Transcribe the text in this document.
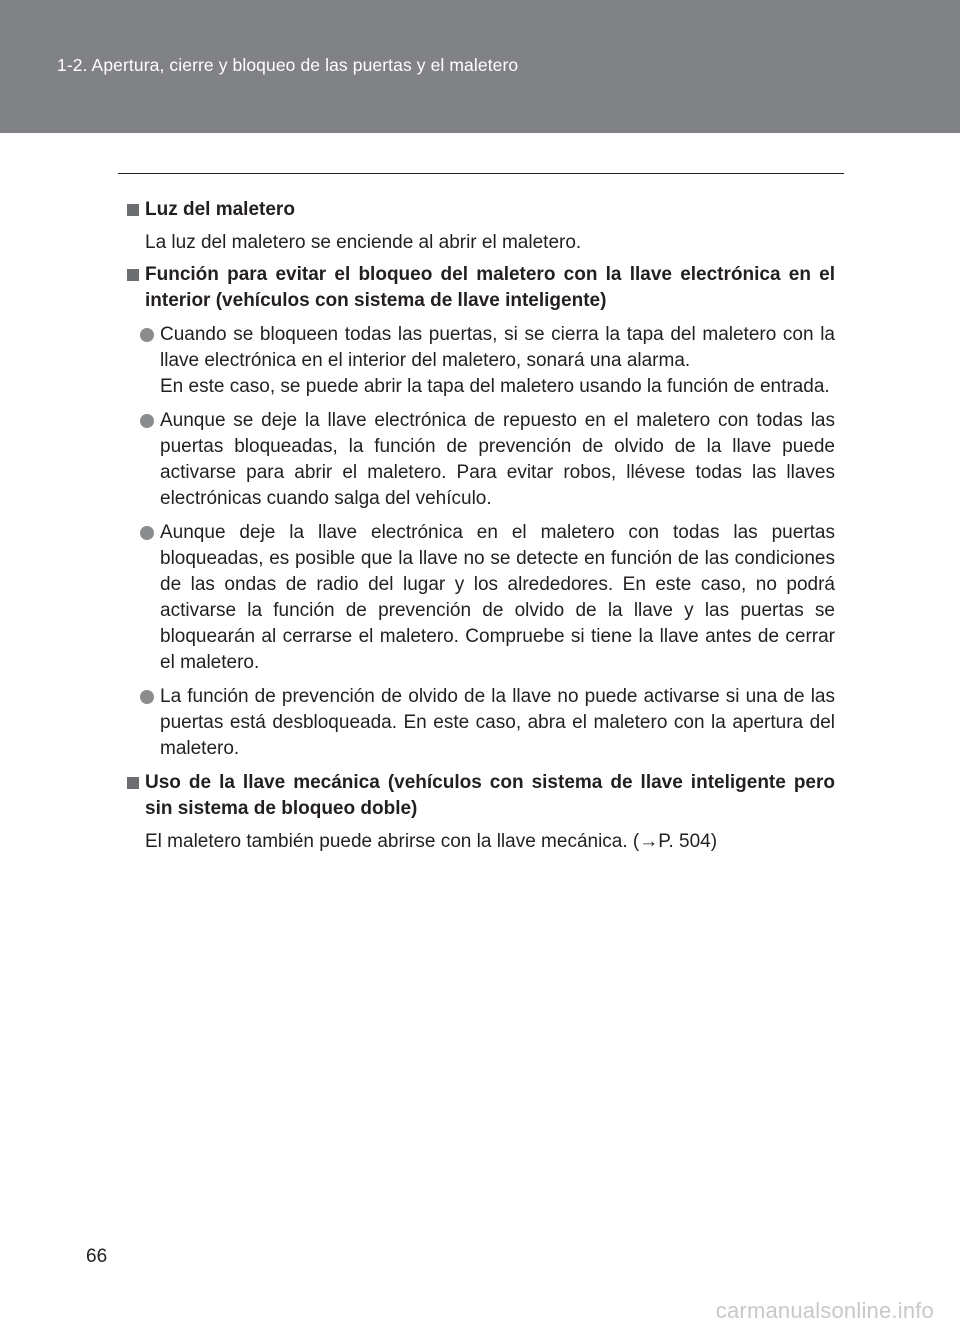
1-2. Apertura, cierre y bloqueo de las puertas y el maletero
Luz del maletero
La luz del maletero se enciende al abrir el maletero.
Función para evitar el bloqueo del maletero con la llave electrónica en el interior (vehículos con sistema de llave inteligente)
Cuando se bloqueen todas las puertas, si se cierra la tapa del maletero con la llave electrónica en el interior del maletero, sonará una alarma.
En este caso, se puede abrir la tapa del maletero usando la función de entrada.
Aunque se deje la llave electrónica de repuesto en el maletero con todas las puertas bloqueadas, la función de prevención de olvido de la llave puede activarse para abrir el maletero. Para evitar robos, llévese todas las llaves electrónicas cuando salga del vehículo.
Aunque deje la llave electrónica en el maletero con todas las puertas bloqueadas, es posible que la llave no se detecte en función de las condiciones de las ondas de radio del lugar y los alrededores. En este caso, no podrá activarse la función de prevención de olvido de la llave y las puertas se bloquearán al cerrarse el maletero. Compruebe si tiene la llave antes de cerrar el maletero.
La función de prevención de olvido de la llave no puede activarse si una de las puertas está desbloqueada. En este caso, abra el maletero con la apertura del maletero.
Uso de la llave mecánica (vehículos con sistema de llave inteligente pero sin sistema de bloqueo doble)
El maletero también puede abrirse con la llave mecánica. (→P. 504)
66
carmanualsonline.info
